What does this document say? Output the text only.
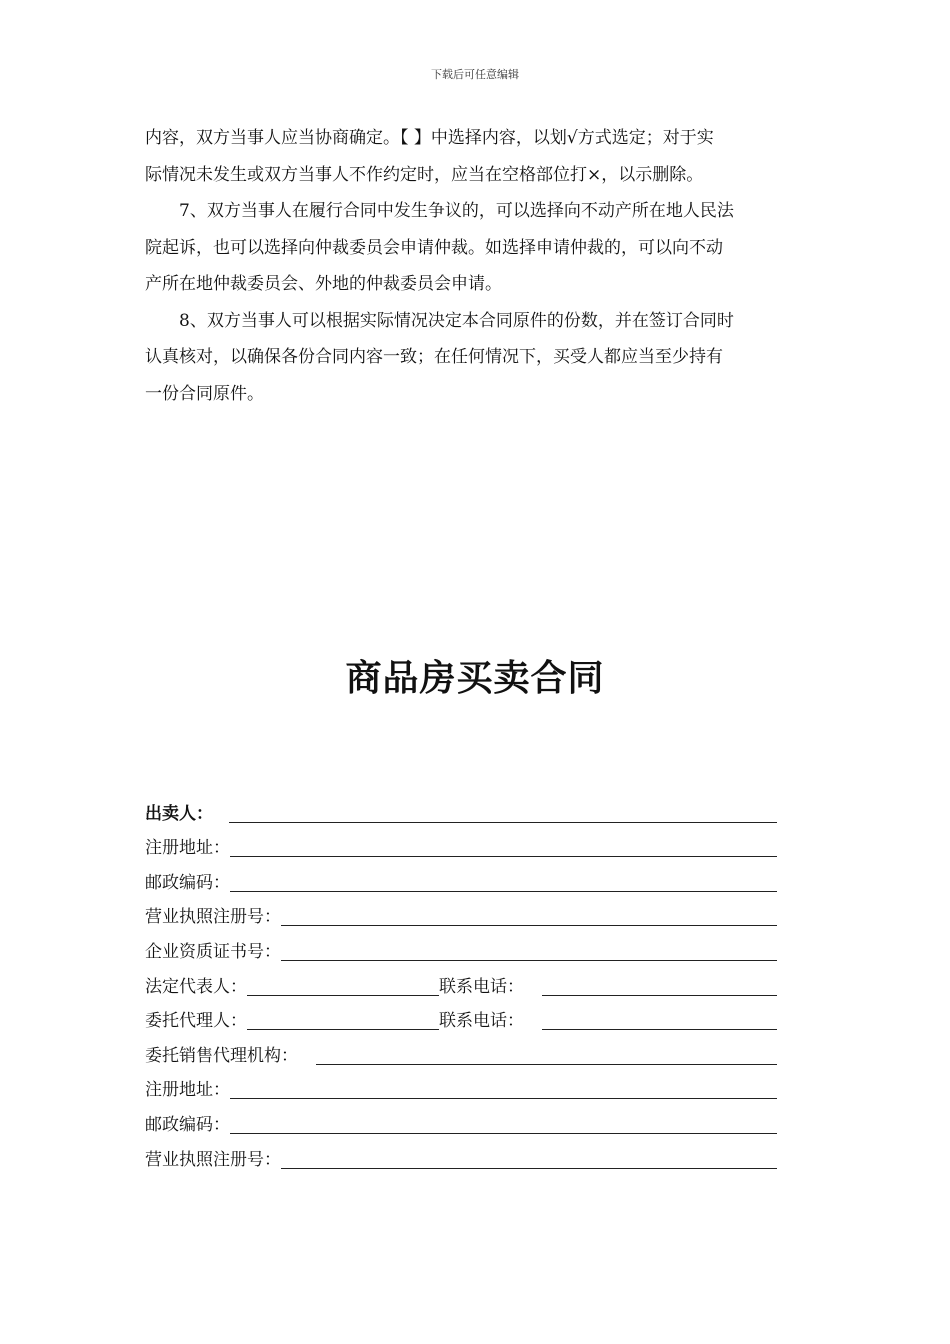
下载后可任意编辑

内容，双方当事人应当协商确定。【 】中选择内容，以划√方式选定；对于实
际情况未发生或双方当事人不作约定时，应当在空格部位打×，以示删除。

7、双方当事人在履行合同中发生争议的，可以选择向不动产所在地人民法
院起诉，也可以选择向仲裁委员会申请仲裁。如选择申请仲裁的，可以向不动
产所在地仲裁委员会、外地的仲裁委员会申请。

8、双方当事人可以根据实际情况决定本合同原件的份数，并在签订合同时
认真核对，以确保各份合同内容一致；在任何情况下，买受人都应当至少持有
一份合同原件。

商品房买卖合同
出卖人：
注册地址：
邮政编码：
营业执照注册号：
企业资质证书号：
法定代表人：	联系电话：
委托代理人：	联系电话：
委托销售代理机构：
注册地址：
邮政编码：
营业执照注册号：
